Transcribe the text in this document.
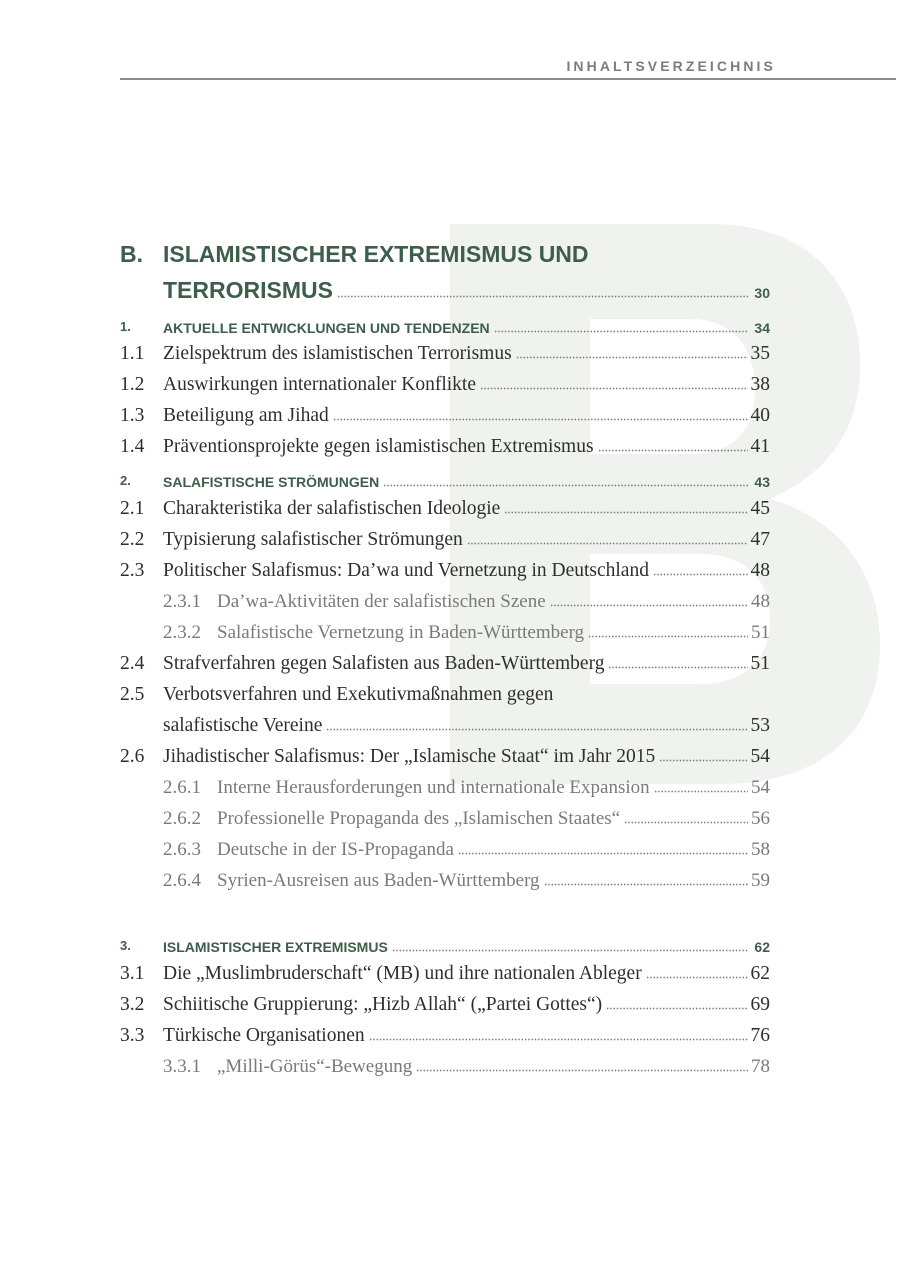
INHALTSVERZEICHNIS
B. ISLAMISTISCHER EXTREMISMUS UND
TERRORISMUS	30
1. AKTUELLE ENTWICKLUNGEN UND TENDENZEN	34
1.1 Zielspektrum des islamistischen Terrorismus	35
1.2 Auswirkungen internationaler Konflikte	38
1.3 Beteiligung am Jihad	40
1.4 Präventionsprojekte gegen islamistischen Extremismus	41
2. SALAFISTISCHE STRÖMUNGEN	43
2.1 Charakteristika der salafistischen Ideologie	45
2.2 Typisierung salafistischer Strömungen	47
2.3 Politischer Salafismus: Da’wa und Vernetzung in Deutschland	48
2.3.1 Da’wa-Aktivitäten der salafistischen Szene	48
2.3.2 Salafistische Vernetzung in Baden-Württemberg	51
2.4 Strafverfahren gegen Salafisten aus Baden-Württemberg	51
2.5 Verbotsverfahren und Exekutivmaßnahmen gegen
salafistische Vereine	53
2.6 Jihadistischer Salafismus: Der „Islamische Staat“ im Jahr 2015	54
2.6.1 Interne Herausforderungen und internationale Expansion	54
2.6.2 Professionelle Propaganda des „Islamischen Staates“	56
2.6.3 Deutsche in der IS-Propaganda	58
2.6.4 Syrien-Ausreisen aus Baden-Württemberg	59
3. ISLAMISTISCHER EXTREMISMUS	62
3.1 Die „Muslimbruderschaft“ (MB) und ihre nationalen Ableger	62
3.2 Schiitische Gruppierung: „Hizb Allah“ („Partei Gottes“)	69
3.3 Türkische Organisationen	76
3.3.1 „Milli-Görüs“-Bewegung	78
